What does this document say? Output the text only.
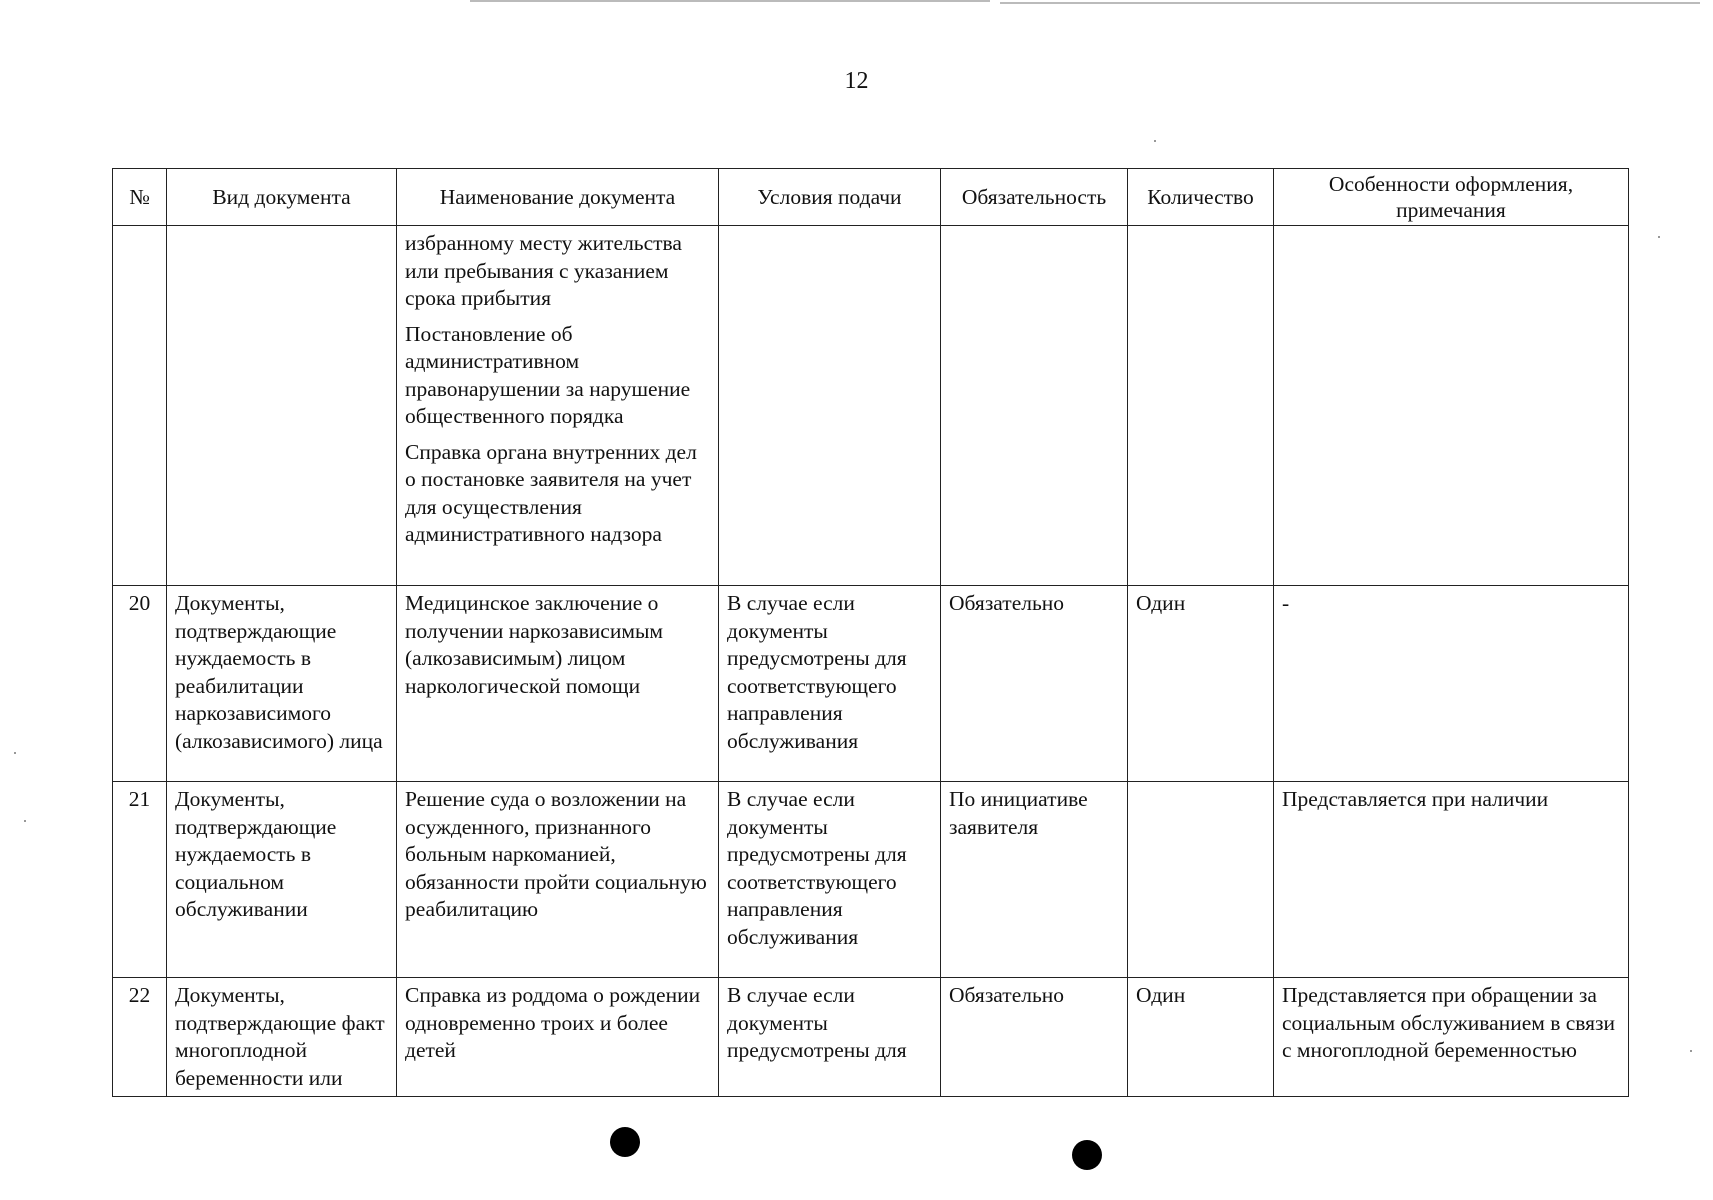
12
№	Вид документа	Наименование документа	Условия подачи	Обязательность	Количество	Особенности оформления, примечания

		избранному месту жительства или пребывания с указанием срока прибытия
Постановление об административном правонарушении за нарушение общественного порядка
Справка органа внутренних дел о постановке заявителя на учет для осуществления административного надзора				

20	Документы, подтверждающие нуждаемость в реабилитации наркозависимого (алкозависимого) лица	Медицинское заключение о получении наркозависимым (алкозависимым) лицом наркологической помощи	В случае если документы предусмотрены для соответствующего направления обслуживания	Обязательно	Один	-
21	Документы, подтверждающие нуждаемость в социальном обслуживании	Решение суда о возложении на осужденного, признанного больным наркоманией, обязанности пройти социальную реабилитацию	В случае если документы предусмотрены для соответствующего направления обслуживания	По инициативе заявителя		Представляется при наличии
22	Документы, подтверждающие факт многоплодной беременности или	Справка из роддома о рождении одновременно троих и более детей	В случае если документы предусмотрены для	Обязательно	Один	Представляется при обращении за социальным обслуживанием в связи с многоплодной беременностью
